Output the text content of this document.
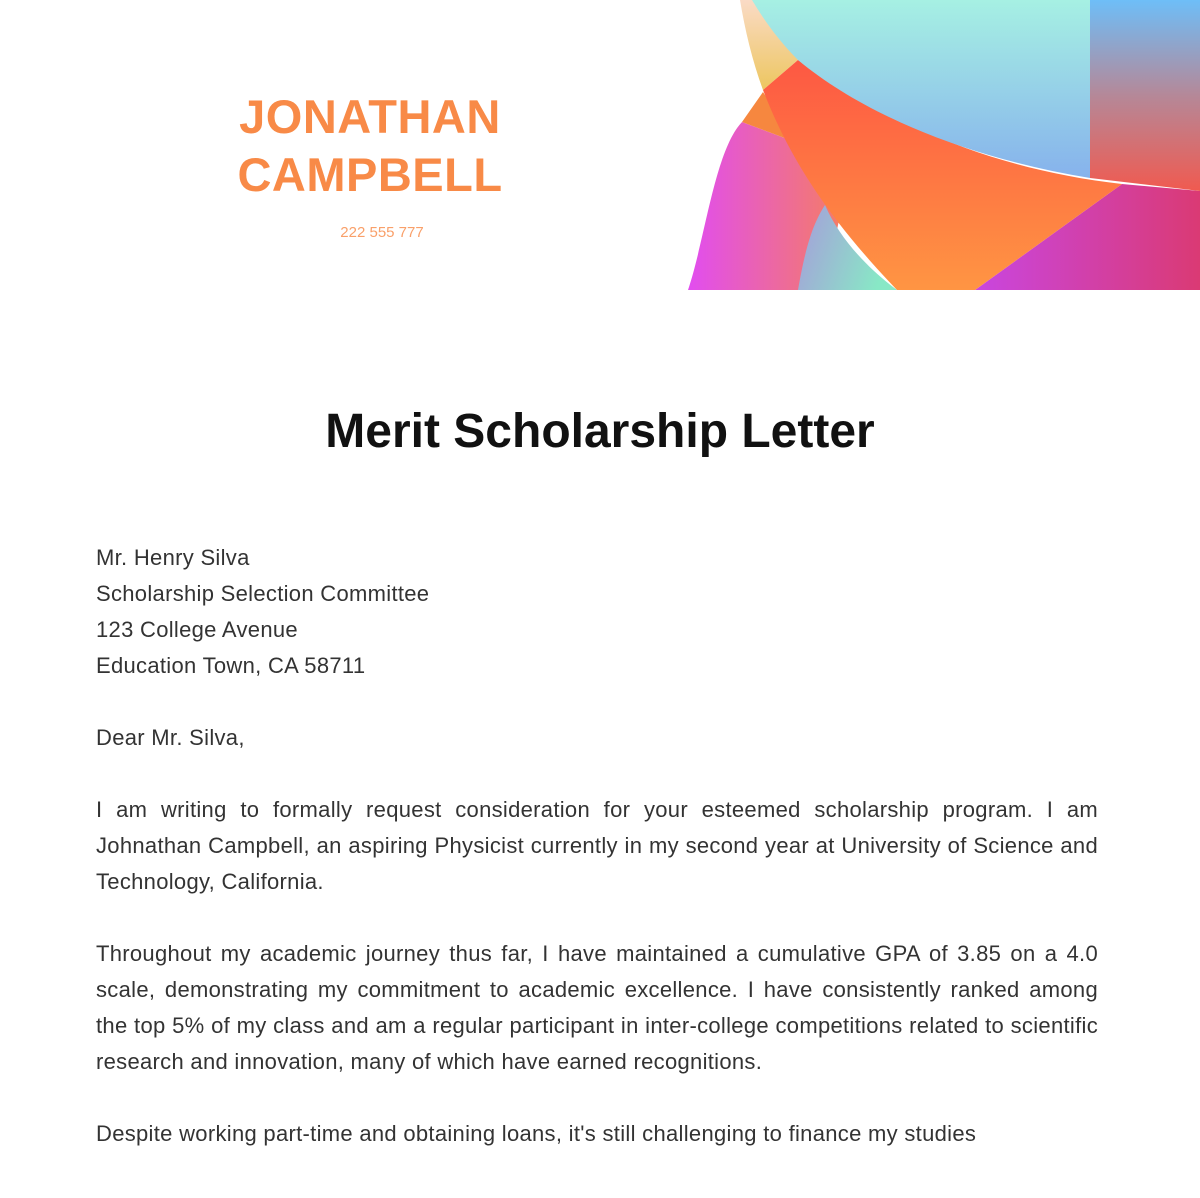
JONATHAN
CAMPBELL
222 555 777
Merit Scholarship Letter
Mr. Henry Silva
Scholarship Selection Committee
123 College Avenue
Education Town, CA 58711

Dear Mr. Silva,

I am writing to formally request consideration for your esteemed scholarship program. I am Johnathan Campbell, an aspiring Physicist currently in my second year at University of Science and Technology, California.

Throughout my academic journey thus far, I have maintained a cumulative GPA of 3.85 on a 4.0 scale, demonstrating my commitment to academic excellence. I have consistently ranked among the top 5% of my class and am a regular participant in inter-college competitions related to scientific research and innovation, many of which have earned recognitions.

Despite working part-time and obtaining loans, it's still challenging to finance my studies
